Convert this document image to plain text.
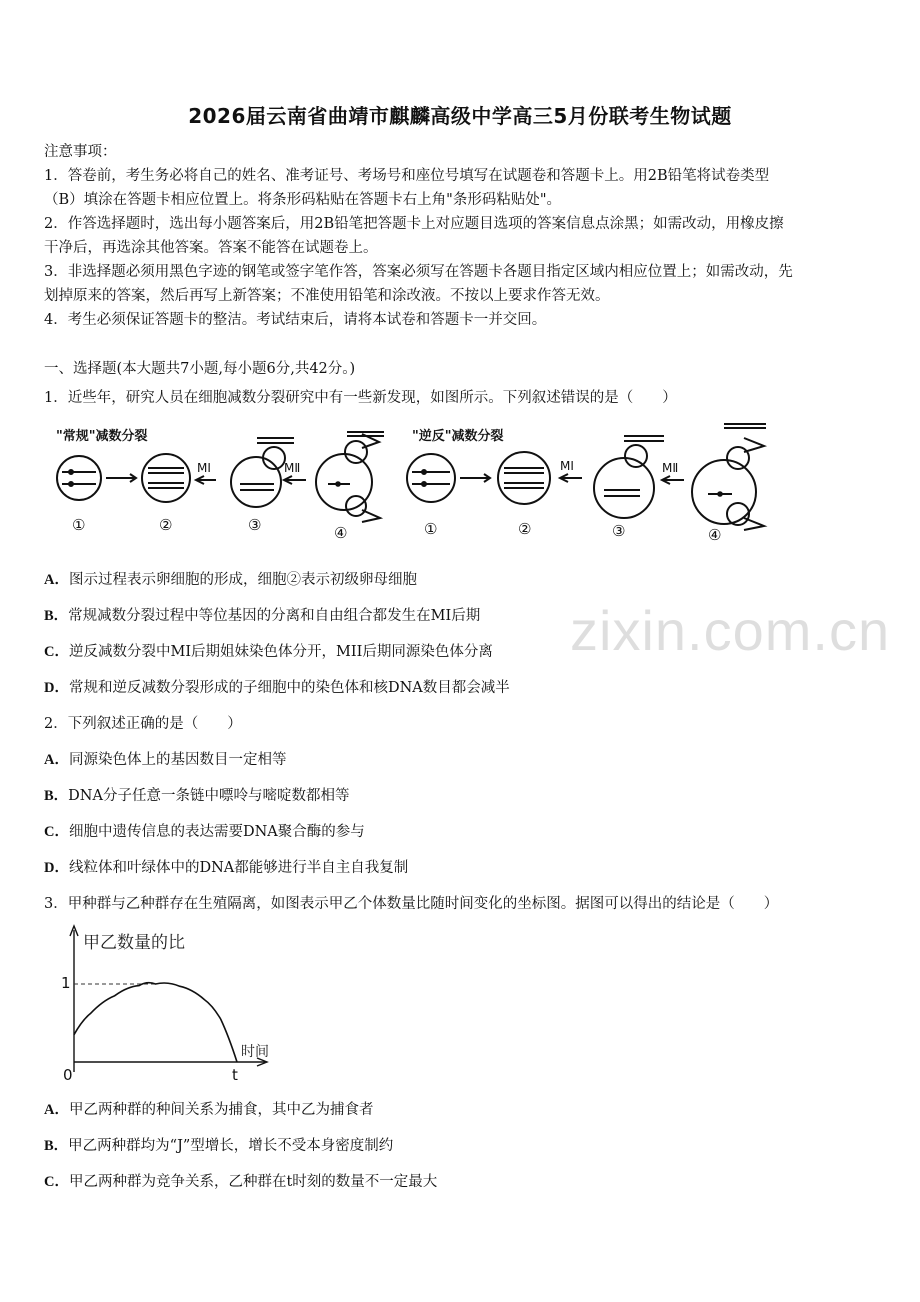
2026届云南省曲靖市麒麟高级中学高三5月份联考生物试题
注意事项：
1．答卷前，考生务必将自己的姓名、准考证号、考场号和座位号填写在试题卷和答题卡上。用2B铅笔将试卷类型
（B）填涂在答题卡相应位置上。将条形码粘贴在答题卡右上角"条形码粘贴处"。
2．作答选择题时，选出每小题答案后，用2B铅笔把答题卡上对应题目选项的答案信息点涂黑；如需改动，用橡皮擦
干净后，再选涂其他答案。答案不能答在试题卷上。
3．非选择题必须用黑色字迹的钢笔或签字笔作答，答案必须写在答题卡各题目指定区域内相应位置上；如需改动，先
划掉原来的答案，然后再写上新答案；不准使用铅笔和涂改液。不按以上要求作答无效。
4．考生必须保证答题卡的整洁。考试结束后，请将本试卷和答题卡一并交回。
一、选择题(本大题共7小题,每小题6分,共42分。)
1．近些年，研究人员在细胞减数分裂研究中有一些新发现，如图所示。下列叙述错误的是（　　）
"常规"减数分裂
MⅠ	MⅡ
①	②	③	④
"逆反"减数分裂
MⅠ	MⅡ
①	②	③	④
A．图示过程表示卵细胞的形成，细胞②表示初级卵母细胞
B．常规减数分裂过程中等位基因的分离和自由组合都发生在MI后期
C．逆反减数分裂中MI后期姐妹染色体分开，MII后期同源染色体分离
D．常规和逆反减数分裂形成的子细胞中的染色体和核DNA数目都会减半
2．下列叙述正确的是（　　）
A．同源染色体上的基因数目一定相等
B．DNA分子任意一条链中嘌呤与嘧啶数都相等
C．细胞中遗传信息的表达需要DNA聚合酶的参与
D．线粒体和叶绿体中的DNA都能够进行半自主自我复制
3．甲种群与乙种群存在生殖隔离，如图表示甲乙个体数量比随时间变化的坐标图。据图可以得出的结论是（　　）
甲乙数量的比
时间
0
1
t
A．甲乙两种群的种间关系为捕食，其中乙为捕食者
B．甲乙两种群均为“J”型增长，增长不受本身密度制约
C．甲乙两种群为竞争关系，乙种群在t时刻的数量不一定最大
zixin.com.cn
